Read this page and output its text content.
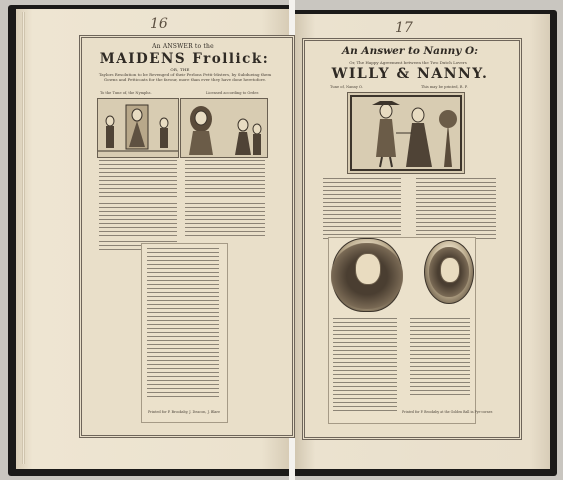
16
An ANSWER to the
MAIDENS Frollick:
OR, THE
Taylors Resolution to be Revenged of their Perlons Petti-Misters, by Subdueing them Gowns and Petticoats for the favour, more than ever they have done heretofore.
To the Tune of, the Nymphs.	Licensed according to Order.
Printed for P. Brooksby, J. Deacon, J. Blare
17
An Answer to Nanny O:
Or, The Happy Agreement between the Two Dutch Lovers
WILLY & NANNY.
Tune of, Nanny O.	This may be printed, R. P.
Printed for P. Brooksby at the Golden Ball in Pye-corner.
